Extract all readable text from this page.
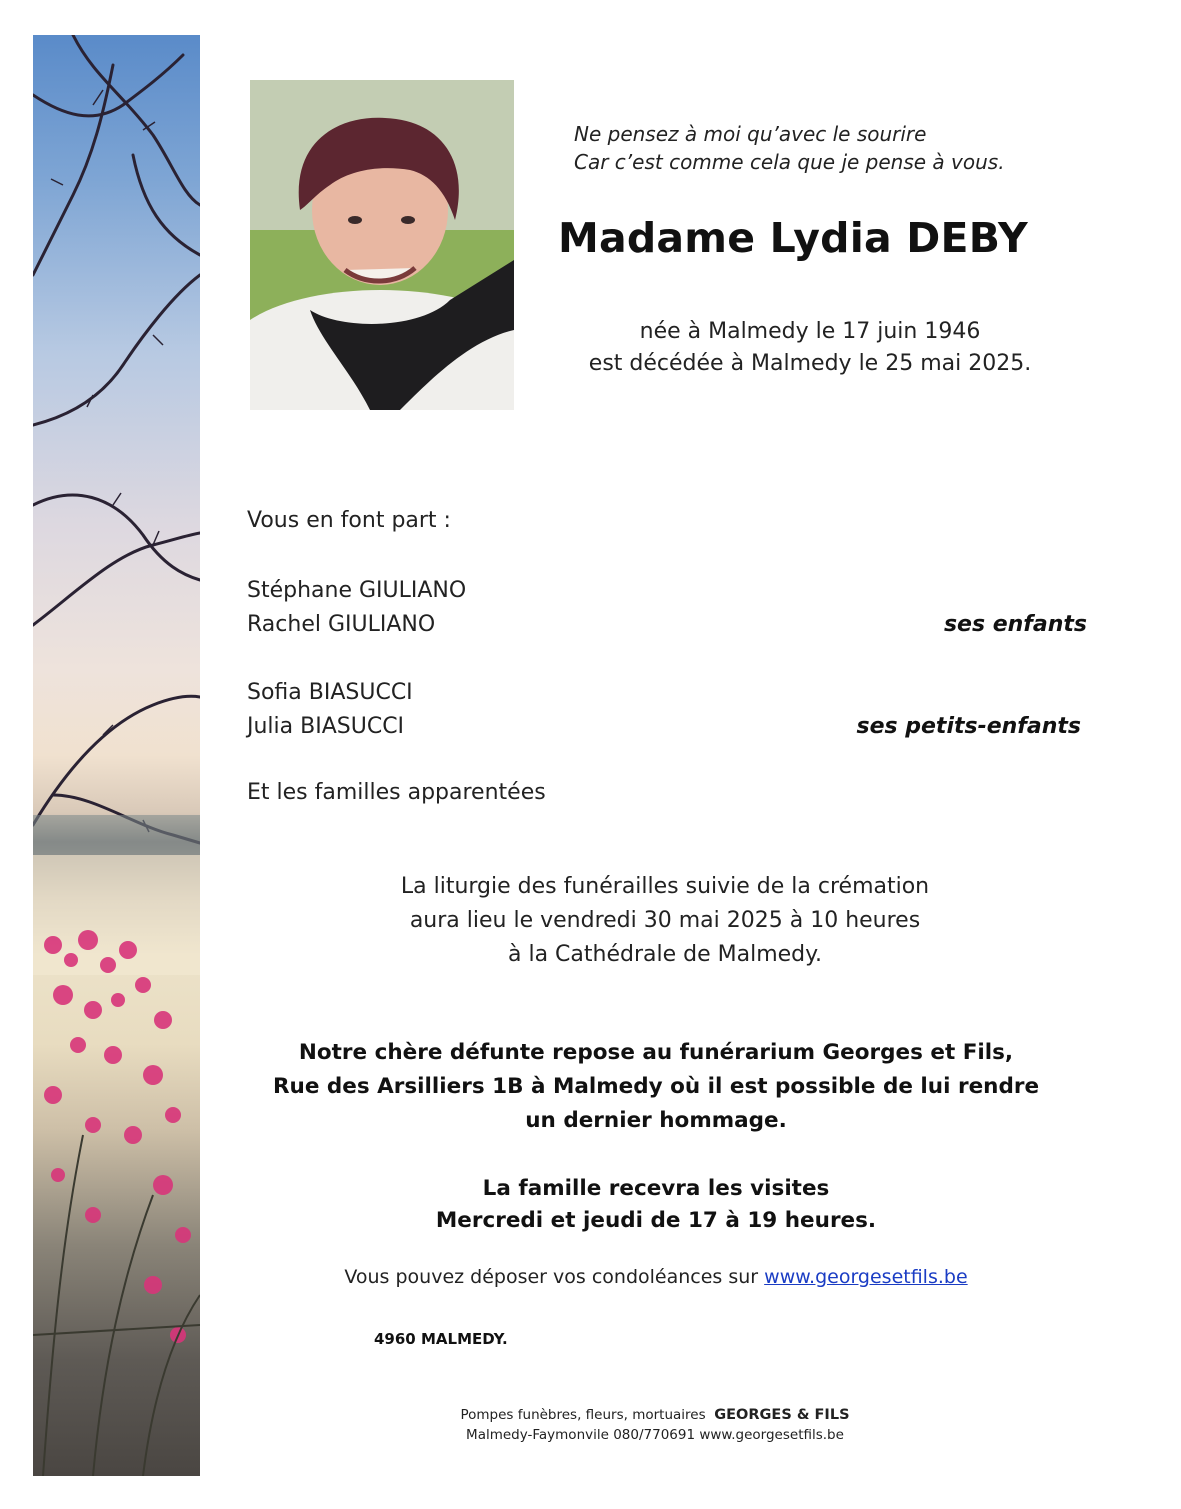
Ne pensez à moi qu’avec le sourire
Car c’est comme cela que je pense à vous.
Madame Lydia DEBY
née à Malmedy le 17 juin 1946
est décédée à Malmedy le 25 mai 2025.
Vous en font part :
Stéphane GIULIANO
Rachel GIULIANO	ses enfants
Sofia BIASUCCI
Julia BIASUCCI	ses petits-enfants
Et les familles apparentées
La liturgie des funérailles suivie de la crémation
aura lieu le vendredi 30 mai 2025 à 10 heures
à la Cathédrale de Malmedy.
Notre chère défunte repose au funérarium Georges et Fils,
Rue des Arsilliers 1B à Malmedy où il est possible de lui rendre
un dernier hommage.
La famille recevra les visites
Mercredi et jeudi de 17 à 19 heures.
Vous pouvez déposer vos condoléances sur www.georgesetfils.be
4960 MALMEDY.
Pompes funèbres, fleurs, mortuaires GEORGES & FILS
Malmedy-Faymonvile 080/770691 www.georgesetfils.be
